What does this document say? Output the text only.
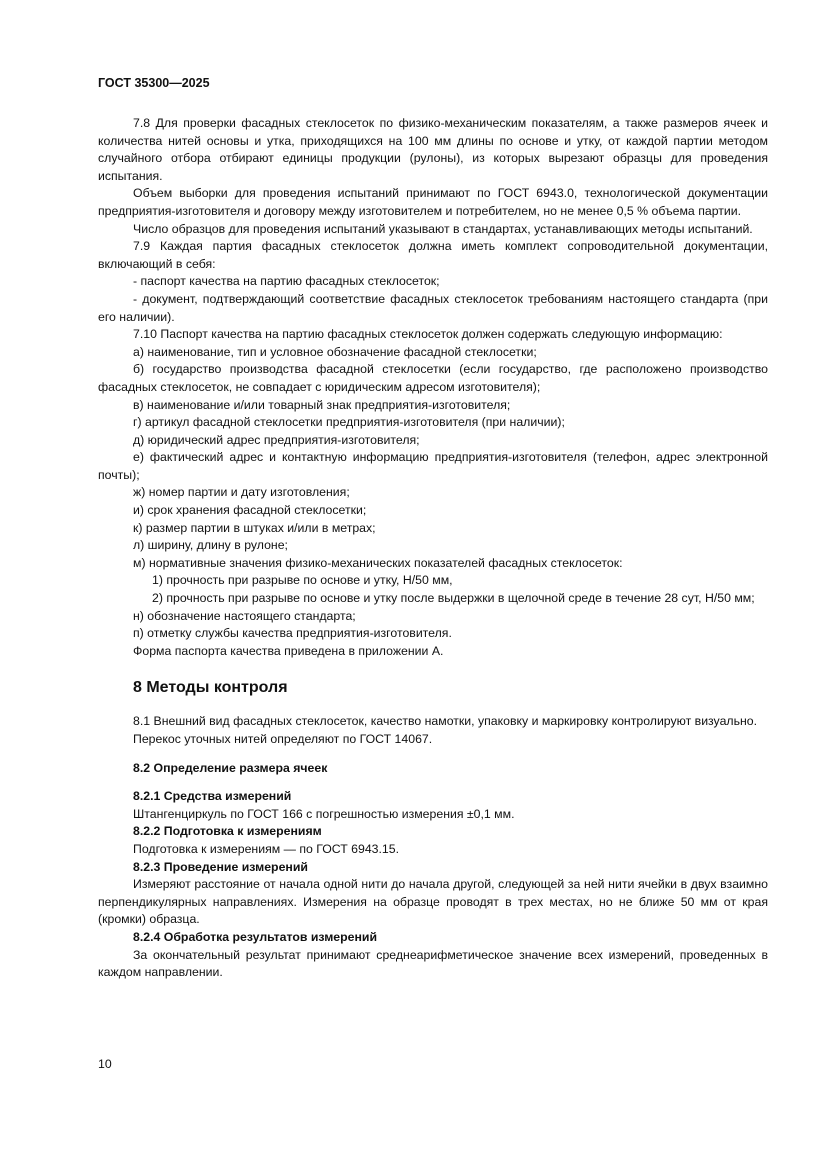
ГОСТ 35300—2025

7.8 Для проверки фасадных стеклосеток по физико-механическим показателям, а также размеров ячеек и количества нитей основы и утка, приходящихся на 100 мм длины по основе и утку, от каждой партии методом случайного отбора отбирают единицы продукции (рулоны), из которых вырезают образцы для проведения испытания.

Объем выборки для проведения испытаний принимают по ГОСТ 6943.0, технологической документации предприятия-изготовителя и договору между изготовителем и потребителем, но не менее 0,5 % объема партии.

Число образцов для проведения испытаний указывают в стандартах, устанавливающих методы испытаний.

7.9 Каждая партия фасадных стеклосеток должна иметь комплект сопроводительной документации, включающий в себя:

- паспорт качества на партию фасадных стеклосеток;

- документ, подтверждающий соответствие фасадных стеклосеток требованиям настоящего стандарта (при его наличии).

7.10 Паспорт качества на партию фасадных стеклосеток должен содержать следующую информацию:

а) наименование, тип и условное обозначение фасадной стеклосетки;

б) государство производства фасадной стеклосетки (если государство, где расположено производство фасадных стеклосеток, не совпадает с юридическим адресом изготовителя);

в) наименование и/или товарный знак предприятия-изготовителя;

г) артикул фасадной стеклосетки предприятия-изготовителя (при наличии);

д) юридический адрес предприятия-изготовителя;

е) фактический адрес и контактную информацию предприятия-изготовителя (телефон, адрес электронной почты);

ж) номер партии и дату изготовления;

и) срок хранения фасадной стеклосетки;

к) размер партии в штуках и/или в метрах;

л) ширину, длину в рулоне;

м) нормативные значения физико-механических показателей фасадных стеклосеток:

1) прочность при разрыве по основе и утку, Н/50 мм,

2) прочность при разрыве по основе и утку после выдержки в щелочной среде в течение 28 сут, Н/50 мм;

н) обозначение настоящего стандарта;

п) отметку службы качества предприятия-изготовителя.

Форма паспорта качества приведена в приложении А.

8 Методы контроля

8.1 Внешний вид фасадных стеклосеток, качество намотки, упаковку и маркировку контролируют визуально.

Перекос уточных нитей определяют по ГОСТ 14067.

8.2 Определение размера ячеек
8.2.1 Средства измерений

Штангенциркуль по ГОСТ 166 с погрешностью измерения ±0,1 мм.

8.2.2 Подготовка к измерениям

Подготовка к измерениям — по ГОСТ 6943.15.

8.2.3 Проведение измерений

Измеряют расстояние от начала одной нити до начала другой, следующей за ней нити ячейки в двух взаимно перпендикулярных направлениях. Измерения на образце проводят в трех местах, но не ближе 50 мм от края (кромки) образца.

8.2.4 Обработка результатов измерений

За окончательный результат принимают среднеарифметическое значение всех измерений, проведенных в каждом направлении.

10
